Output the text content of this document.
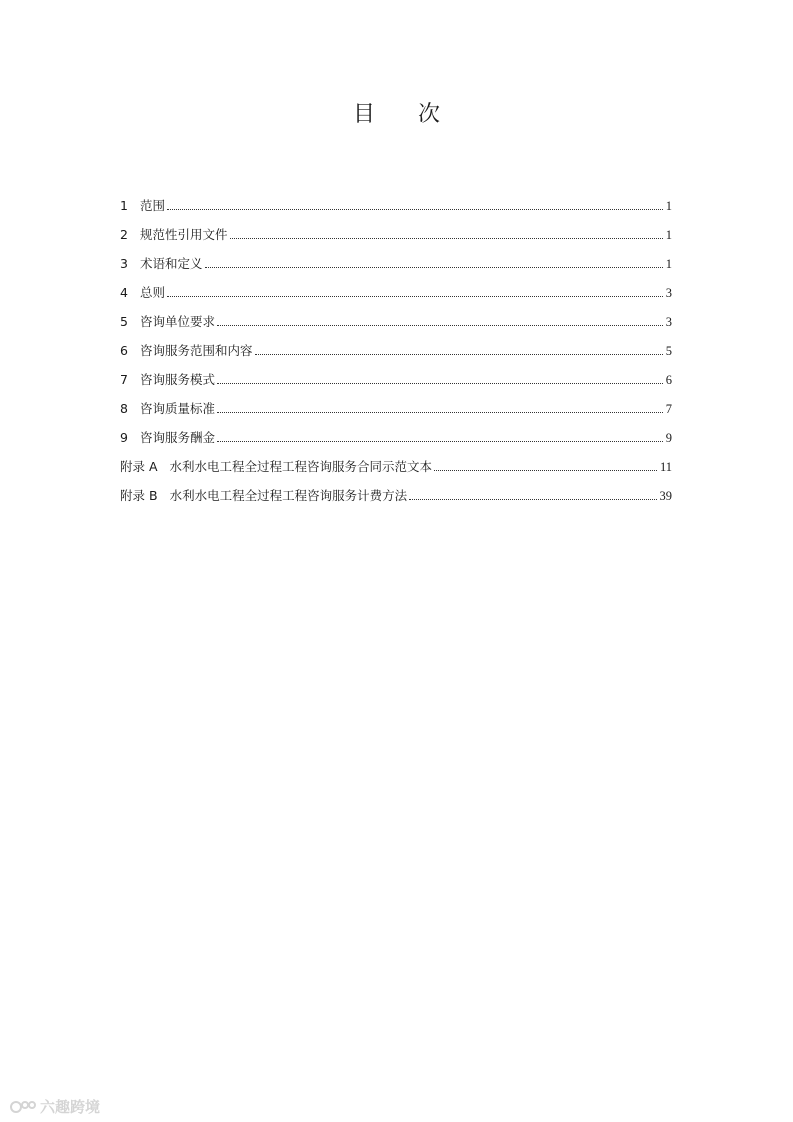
目 次
1 范围	1
2 规范性引用文件	1
3 术语和定义	1
4 总则	3
5 咨询单位要求	3
6 咨询服务范围和内容	5
7 咨询服务模式	6
8 咨询质量标准	7
9 咨询服务酬金	9
附录 A 水利水电工程全过程工程咨询服务合同示范文本	11
附录 B 水利水电工程全过程工程咨询服务计费方法	39
六趣跨境
